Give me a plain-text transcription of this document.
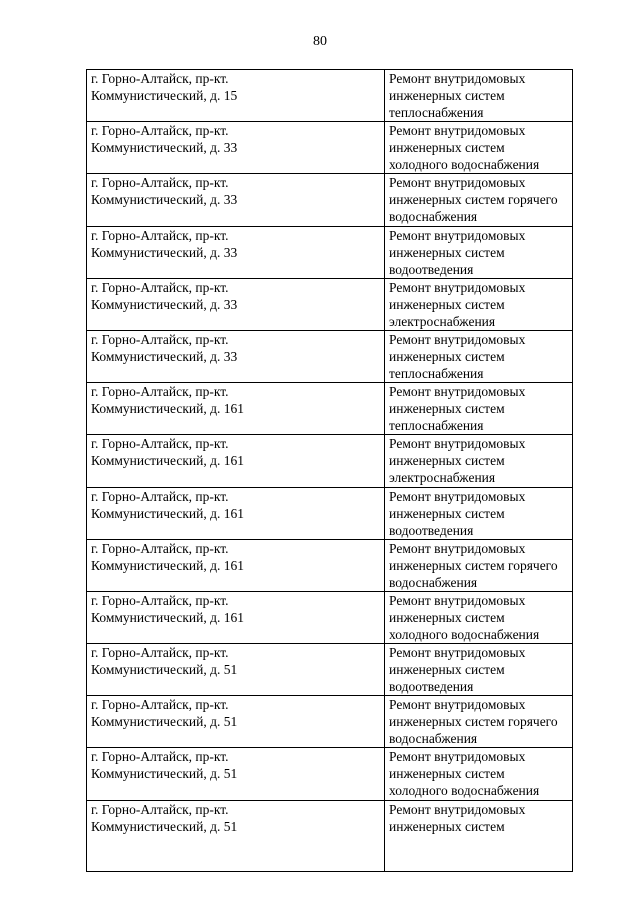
80
г. Горно-Алтайск, пр-кт.
Коммунистический, д. 15	Ремонт внутридомовых
инженерных систем
теплоснабжения
г. Горно-Алтайск, пр-кт.
Коммунистический, д. 33	Ремонт внутридомовых
инженерных систем
холодного водоснабжения
г. Горно-Алтайск, пр-кт.
Коммунистический, д. 33	Ремонт внутридомовых
инженерных систем горячего
водоснабжения
г. Горно-Алтайск, пр-кт.
Коммунистический, д. 33	Ремонт внутридомовых
инженерных систем
водоотведения
г. Горно-Алтайск, пр-кт.
Коммунистический, д. 33	Ремонт внутридомовых
инженерных систем
электроснабжения
г. Горно-Алтайск, пр-кт.
Коммунистический, д. 33	Ремонт внутридомовых
инженерных систем
теплоснабжения
г. Горно-Алтайск, пр-кт.
Коммунистический, д. 161	Ремонт внутридомовых
инженерных систем
теплоснабжения
г. Горно-Алтайск, пр-кт.
Коммунистический, д. 161	Ремонт внутридомовых
инженерных систем
электроснабжения
г. Горно-Алтайск, пр-кт.
Коммунистический, д. 161	Ремонт внутридомовых
инженерных систем
водоотведения
г. Горно-Алтайск, пр-кт.
Коммунистический, д. 161	Ремонт внутридомовых
инженерных систем горячего
водоснабжения
г. Горно-Алтайск, пр-кт.
Коммунистический, д. 161	Ремонт внутридомовых
инженерных систем
холодного водоснабжения
г. Горно-Алтайск, пр-кт.
Коммунистический, д. 51	Ремонт внутридомовых
инженерных систем
водоотведения
г. Горно-Алтайск, пр-кт.
Коммунистический, д. 51	Ремонт внутридомовых
инженерных систем горячего
водоснабжения
г. Горно-Алтайск, пр-кт.
Коммунистический, д. 51	Ремонт внутридомовых
инженерных систем
холодного водоснабжения
г. Горно-Алтайск, пр-кт.
Коммунистический, д. 51	Ремонт внутридомовых
инженерных систем
